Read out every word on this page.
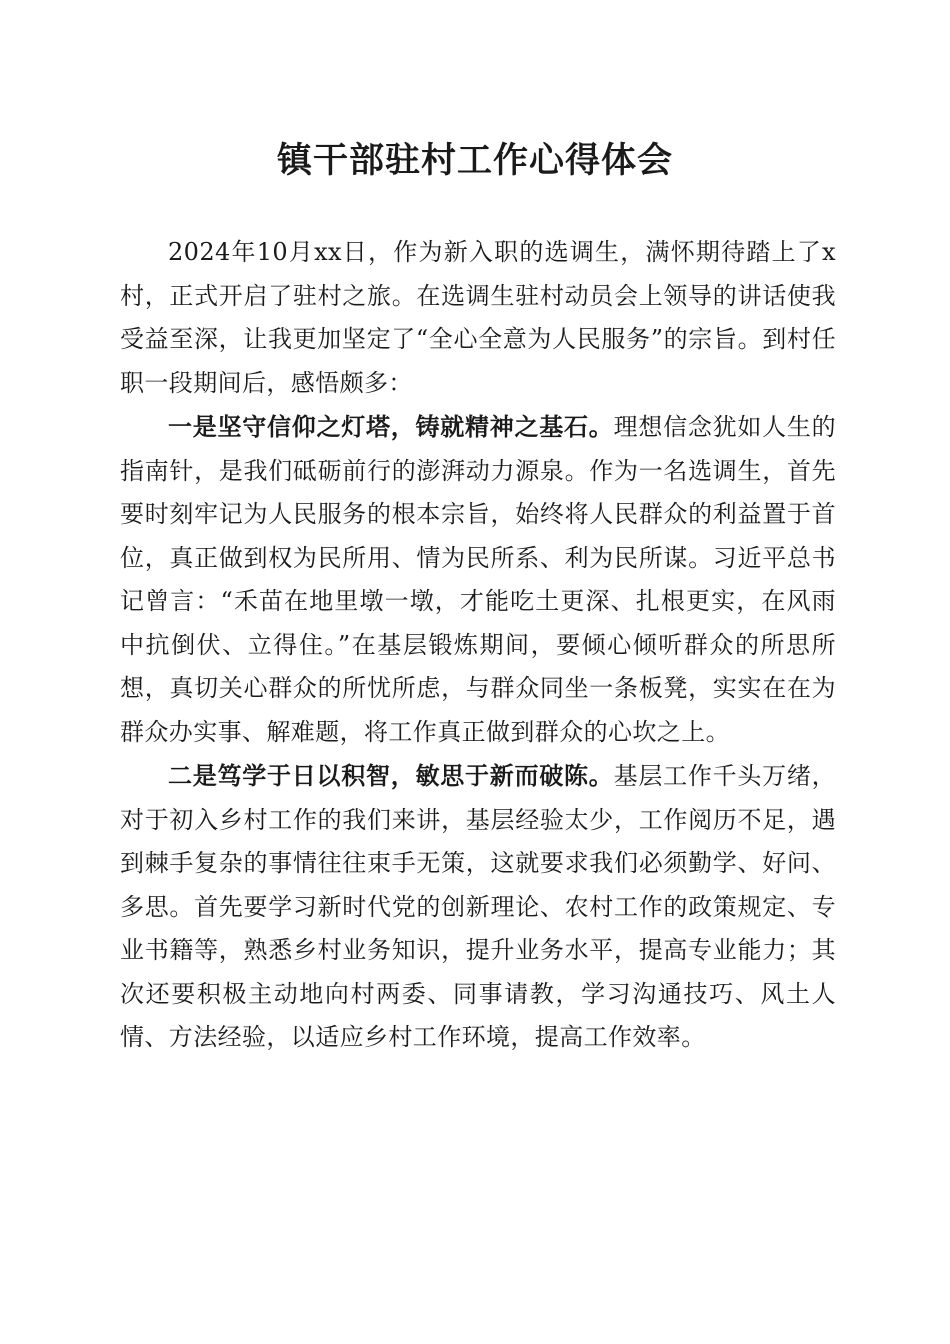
镇干部驻村工作心得体会

2024年10月xx日，作为新入职的选调生，满怀期待踏上了x村，正式开启了驻村之旅。在选调生驻村动员会上领导的讲话使我受益至深，让我更加坚定了“全心全意为人民服务”的宗旨。到村任职一段期间后，感悟颇多：

一是坚守信仰之灯塔，铸就精神之基石。理想信念犹如人生的指南针，是我们砥砺前行的澎湃动力源泉。作为一名选调生，首先要时刻牢记为人民服务的根本宗旨，始终将人民群众的利益置于首位，真正做到权为民所用、情为民所系、利为民所谋。习近平总书记曾言：“禾苗在地里墩一墩，才能吃土更深、扎根更实，在风雨中抗倒伏、立得住。”在基层锻炼期间，要倾心倾听群众的所思所想，真切关心群众的所忧所虑，与群众同坐一条板凳，实实在在为群众办实事、解难题，将工作真正做到群众的心坎之上。

二是笃学于日以积智，敏思于新而破陈。基层工作千头万绪，对于初入乡村工作的我们来讲，基层经验太少，工作阅历不足，遇到棘手复杂的事情往往束手无策，这就要求我们必须勤学、好问、多思。首先要学习新时代党的创新理论、农村工作的政策规定、专业书籍等，熟悉乡村业务知识，提升业务水平，提高专业能力；其次还要积极主动地向村两委、同事请教，学习沟通技巧、风土人情、方法经验，以适应乡村工作环境，提高工作效率。
